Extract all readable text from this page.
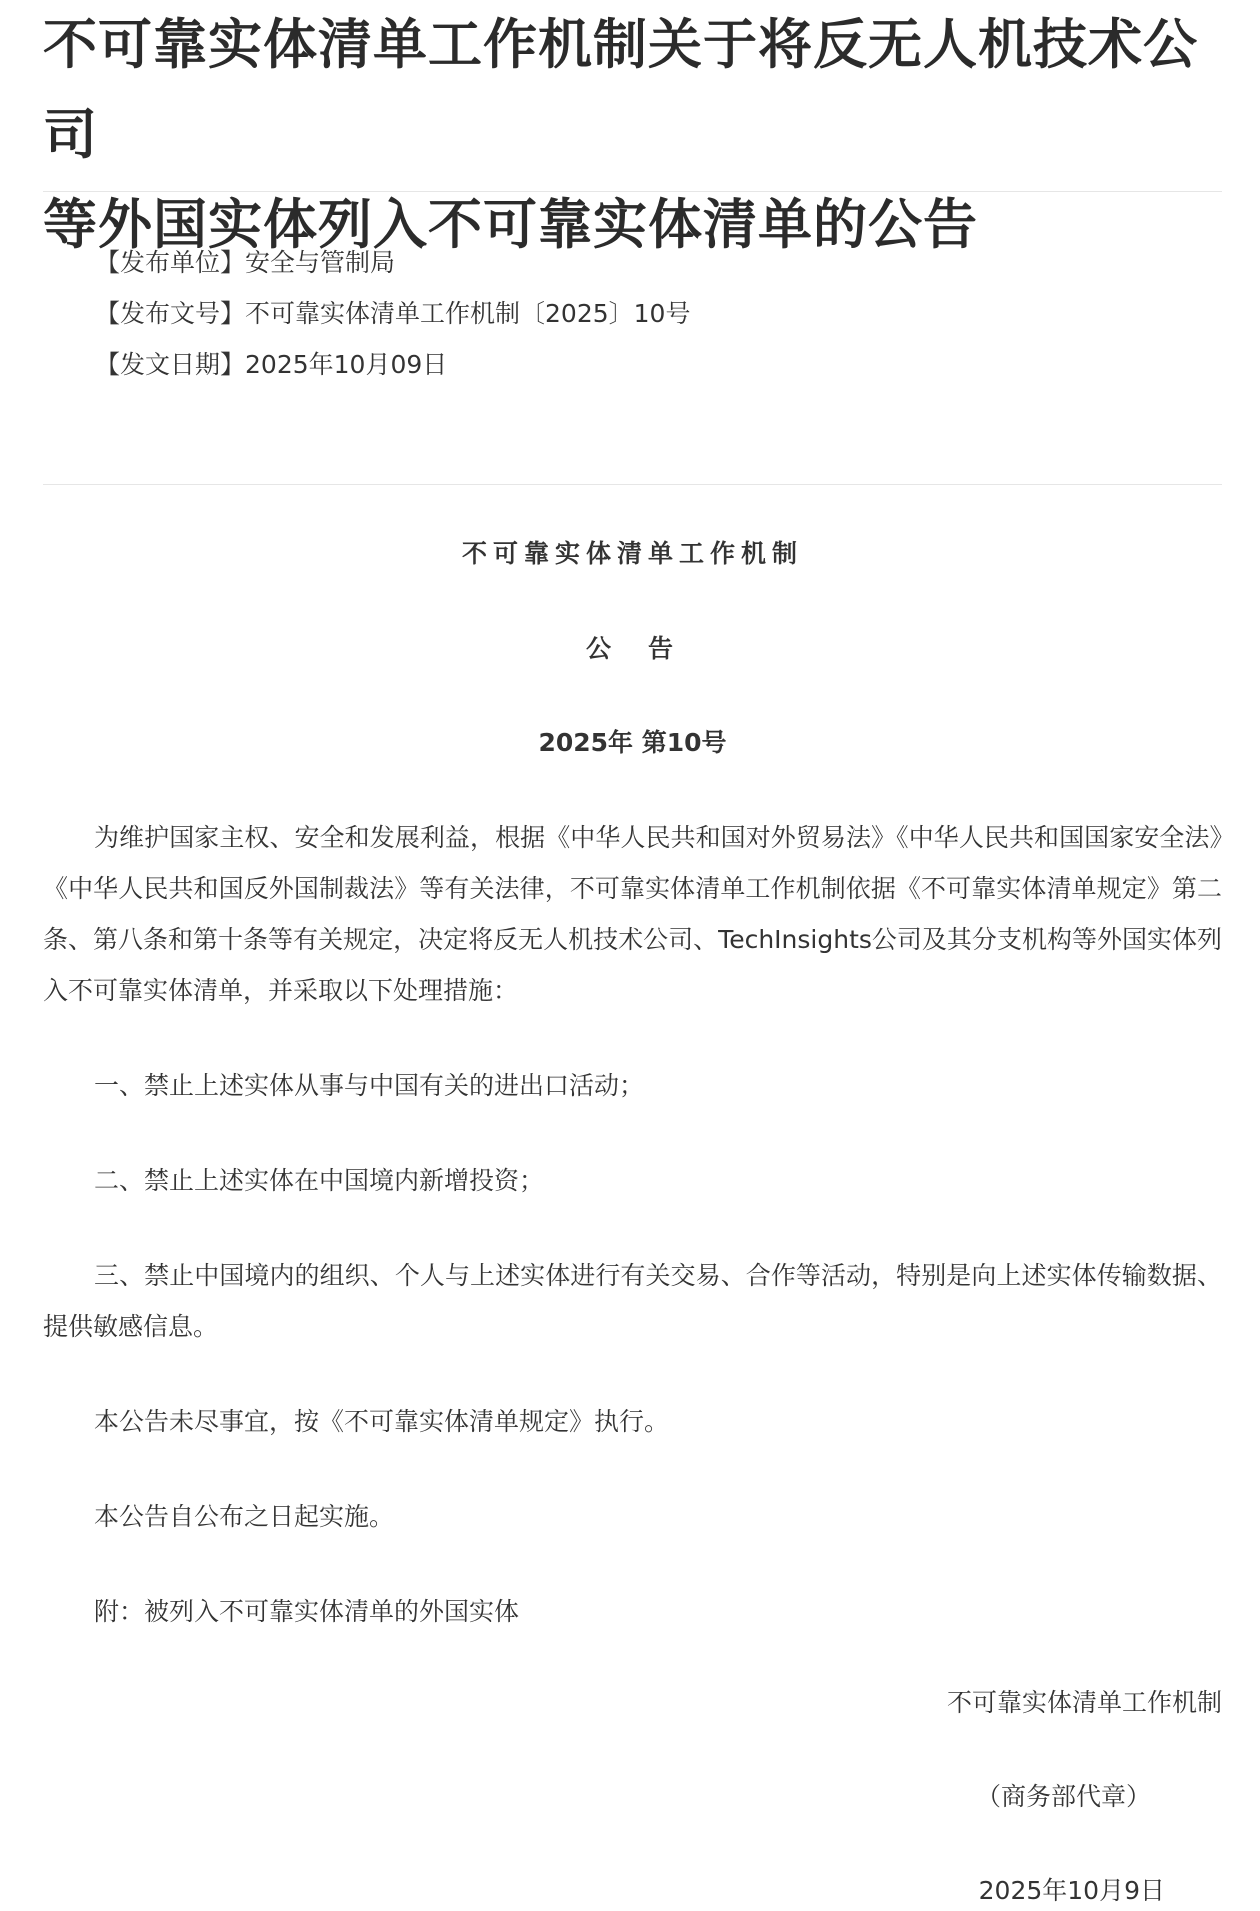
不可靠实体清单工作机制关于将反无人机技术公司
等外国实体列入不可靠实体清单的公告
【发布单位】安全与管制局
【发布文号】不可靠实体清单工作机制〔2025〕10号
【发文日期】2025年10月09日
不可靠实体清单工作机制
公　告
2025年 第10号

为维护国家主权、安全和发展利益，根据《中华人民共和国对外贸易法》《中华人民共和国国家安全法》《中华人民共和国反外国制裁法》等有关法律，不可靠实体清单工作机制依据《不可靠实体清单规定》第二条、第八条和第十条等有关规定，决定将反无人机技术公司、TechInsights公司及其分支机构等外国实体列入不可靠实体清单，并采取以下处理措施：

一、禁止上述实体从事与中国有关的进出口活动；

二、禁止上述实体在中国境内新增投资；

三、禁止中国境内的组织、个人与上述实体进行有关交易、合作等活动，特别是向上述实体传输数据、提供敏感信息。

本公告未尽事宜，按《不可靠实体清单规定》执行。

本公告自公布之日起实施。

附：被列入不可靠实体清单的外国实体

不可靠实体清单工作机制
（商务部代章）
2025年10月9日
